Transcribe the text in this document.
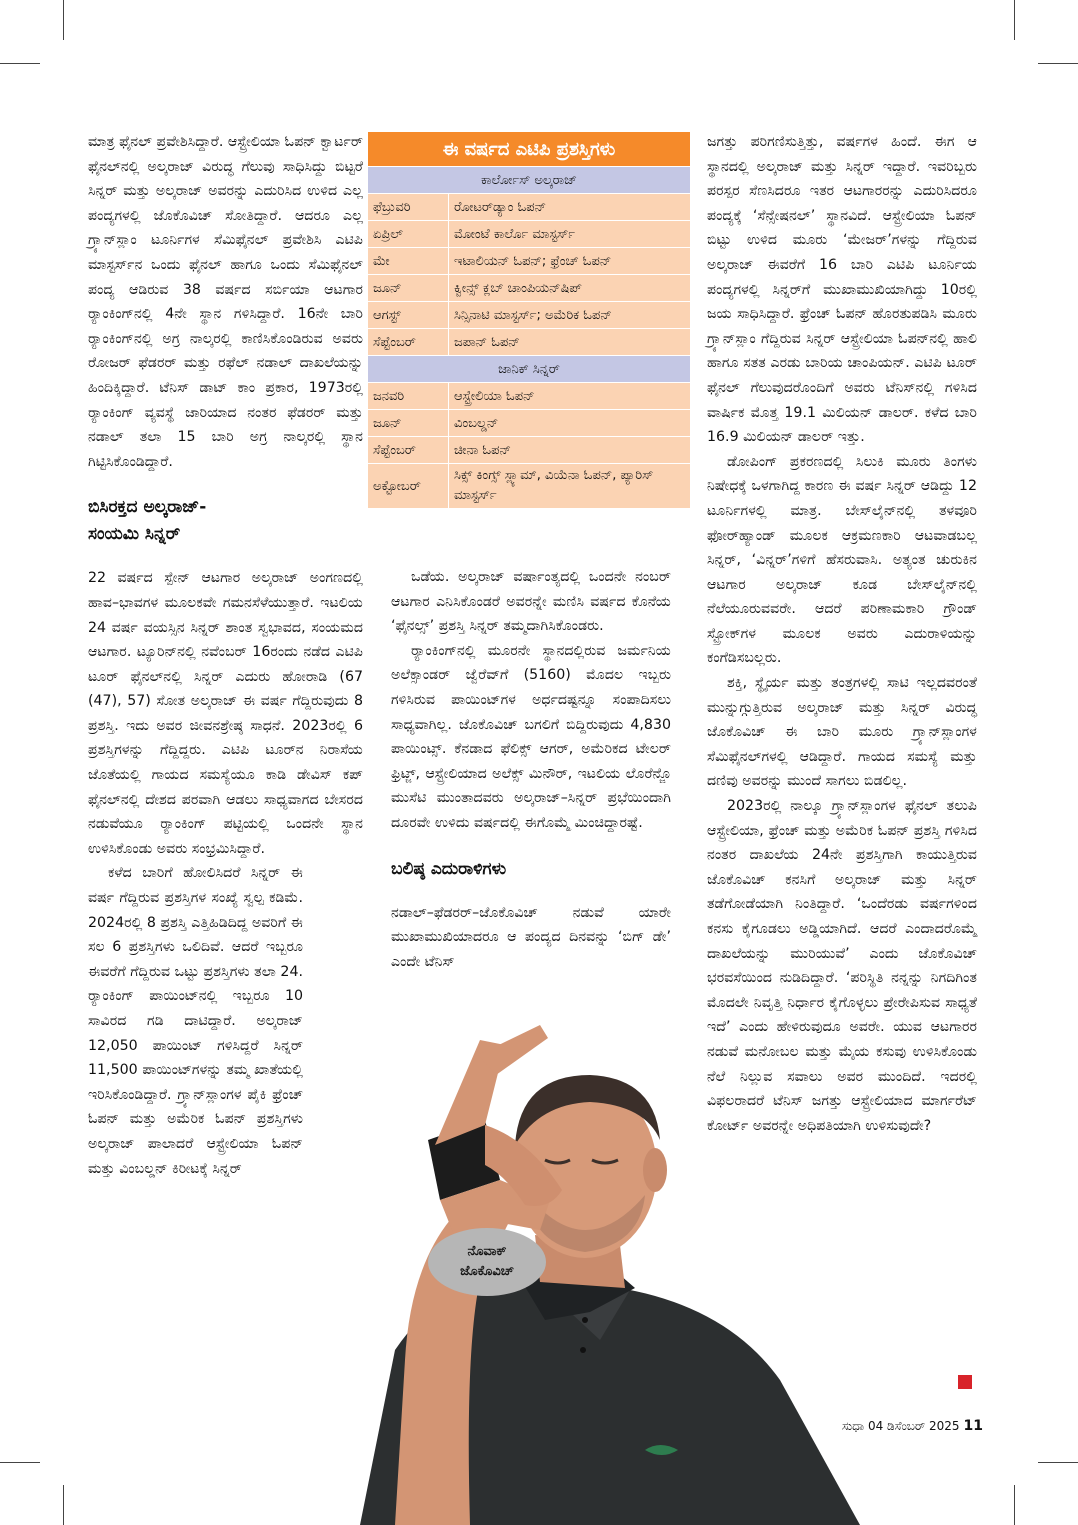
ಮಾತ್ರ ಫೈನಲ್ ಪ್ರವೇಶಿಸಿದ್ದಾರೆ. ಆಸ್ಟ್ರೇಲಿಯಾ ಓಪನ್ ಕ್ವಾರ್ಟರ್ ಫೈನಲ್‌ನಲ್ಲಿ ಅಲ್ಕರಾಜ್ ವಿರುದ್ಧ ಗೆಲುವು ಸಾಧಿಸಿದ್ದು ಬಿಟ್ಟರೆ ಸಿನ್ನರ್ ಮತ್ತು ಅಲ್ಕರಾಜ್ ಅವರನ್ನು ಎದುರಿಸಿದ ಉಳಿದ ಎಲ್ಲ ಪಂದ್ಯಗಳಲ್ಲಿ ಜೊಕೊವಿಚ್ ಸೋತಿದ್ದಾರೆ. ಆದರೂ ಎಲ್ಲ ಗ್ರ್ಯಾನ್‌ಸ್ಲಾಂ ಟೂರ್ನಿಗಳ ಸೆಮಿಫೈನಲ್ ಪ್ರವೇಶಿಸಿ ಎಟಿಪಿ ಮಾಸ್ಟರ್ಸ್‌ನ ಒಂದು ಫೈನಲ್ ಹಾಗೂ ಒಂದು ಸೆಮಿಫೈನಲ್ ಪಂದ್ಯ ಆಡಿರುವ 38 ವರ್ಷದ ಸರ್ಬಿಯಾ ಆಟಗಾರ ರ‍್ಯಾಂಕಿಂಗ್‌ನಲ್ಲಿ 4ನೇ ಸ್ಥಾನ ಗಳಿಸಿದ್ದಾರೆ. 16ನೇ ಬಾರಿ ರ‍್ಯಾಂಕಿಂಗ್‌ನಲ್ಲಿ ಅಗ್ರ ನಾಲ್ಕರಲ್ಲಿ ಕಾಣಿಸಿಕೊಂಡಿರುವ ಅವರು ರೋಜರ್ ಫೆಡರರ್ ಮತ್ತು ರಫೆಲ್ ನಡಾಲ್ ದಾಖಲೆಯನ್ನು ಹಿಂದಿಕ್ಕಿದ್ದಾರೆ. ಟೆನಿಸ್ ಡಾಟ್ ಕಾಂ ಪ್ರಕಾರ, 1973ರಲ್ಲಿ ರ‍್ಯಾಂಕಿಂಗ್ ವ್ಯವಸ್ಥೆ ಜಾರಿಯಾದ ನಂತರ ಫೆಡರರ್ ಮತ್ತು ನಡಾಲ್ ತಲಾ 15 ಬಾರಿ ಅಗ್ರ ನಾಲ್ಕರಲ್ಲಿ ಸ್ಥಾನ ಗಿಟ್ಟಿಸಿಕೊಂಡಿದ್ದಾರೆ.

ಬಿಸಿರಕ್ತದ ಅಲ್ಕರಾಜ್-
ಸಂಯಮಿ ಸಿನ್ನರ್

22 ವರ್ಷದ ಸ್ಪೇನ್ ಆಟಗಾರ ಅಲ್ಕರಾಜ್ ಅಂಗಣದಲ್ಲಿ ಹಾವ–ಭಾವಗಳ ಮೂಲಕವೇ ಗಮನಸೆಳೆಯುತ್ತಾರೆ. ಇಟಲಿಯ 24 ವರ್ಷ ವಯಸ್ಸಿನ ಸಿನ್ನರ್ ಶಾಂತ ಸ್ವಭಾವದ, ಸಂಯಮದ ಆಟಗಾರ. ಟ್ಯೂರಿನ್‌ನಲ್ಲಿ ನವೆಂಬರ್ 16ರಂದು ನಡೆದ ಎಟಿಪಿ ಟೂರ್ ಫೈನಲ್‌ನಲ್ಲಿ ಸಿನ್ನರ್ ಎದುರು ಹೋರಾಡಿ (67 (47), 57) ಸೋತ ಅಲ್ಕರಾಜ್ ಈ ವರ್ಷ ಗೆದ್ದಿರುವುದು 8 ಪ್ರಶಸ್ತಿ. ಇದು ಅವರ ಜೀವನಶ್ರೇಷ್ಠ ಸಾಧನೆ. 2023ರಲ್ಲಿ 6 ಪ್ರಶಸ್ತಿಗಳನ್ನು ಗೆದ್ದಿದ್ದರು. ಎಟಿಪಿ ಟೂರ್‌ನ ನಿರಾಸೆಯ ಜೊತೆಯಲ್ಲಿ ಗಾಯದ ಸಮಸ್ಯೆಯೂ ಕಾಡಿ ಡೇವಿಸ್ ಕಪ್ ಫೈನಲ್‌ನಲ್ಲಿ ದೇಶದ ಪರವಾಗಿ ಆಡಲು ಸಾಧ್ಯವಾಗದ ಬೇಸರದ ನಡುವೆಯೂ ರ‍್ಯಾಂಕಿಂಗ್ ಪಟ್ಟಿಯಲ್ಲಿ ಒಂದನೇ ಸ್ಥಾನ ಉಳಿಸಿಕೊಂಡು ಅವರು ಸಂಭ್ರಮಿಸಿದ್ದಾರೆ.

ಕಳೆದ ಬಾರಿಗೆ ಹೋಲಿಸಿದರೆ ಸಿನ್ನರ್ ಈ ವರ್ಷ ಗೆದ್ದಿರುವ ಪ್ರಶಸ್ತಿಗಳ ಸಂಖ್ಯೆ ಸ್ವಲ್ಪ ಕಡಿಮೆ. 2024ರಲ್ಲಿ 8 ಪ್ರಶಸ್ತಿ ಎತ್ತಿಹಿಡಿದಿದ್ದ ಅವರಿಗೆ ಈ ಸಲ 6 ಪ್ರಶಸ್ತಿಗಳು ಒಲಿದಿವೆ. ಆದರೆ ಇಬ್ಬರೂ ಈವರೆಗೆ ಗೆದ್ದಿರುವ ಒಟ್ಟು ಪ್ರಶಸ್ತಿಗಳು ತಲಾ 24. ರ‍್ಯಾಂಕಿಂಗ್ ಪಾಯಿಂಟ್‌ನಲ್ಲಿ ಇಬ್ಬರೂ 10 ಸಾವಿರದ ಗಡಿ ದಾಟಿದ್ದಾರೆ. ಅಲ್ಕರಾಜ್ 12,050 ಪಾಯಿಂಟ್ ಗಳಿಸಿದ್ದರೆ ಸಿನ್ನರ್ 11,500 ಪಾಯಿಂಟ್‌ಗಳನ್ನು ತಮ್ಮ ಖಾತೆಯಲ್ಲಿ ಇರಿಸಿಕೊಂಡಿದ್ದಾರೆ. ಗ್ರ್ಯಾನ್‌ಸ್ಲಾಂಗಳ ಪೈಕಿ ಫ್ರೆಂಚ್ ಓಪನ್ ಮತ್ತು ಅಮೆರಿಕ ಓಪನ್ ಪ್ರಶಸ್ತಿಗಳು ಅಲ್ಕರಾಜ್ ಪಾಲಾದರೆ ಆಸ್ಟ್ರೇಲಿಯಾ ಓಪನ್ ಮತ್ತು ವಿಂಬಲ್ಡನ್ ಕಿರೀಟಕ್ಕೆ ಸಿನ್ನರ್

ಈ ವರ್ಷದ ಎಟಿಪಿ ಪ್ರಶಸ್ತಿಗಳು	
ಕಾರ್ಲೋಸ್ ಅಲ್ಕರಾಜ್	
ಫೆಬ್ರುವರಿ	ರೋಟರ್‌ಡ್ಯಾಂ ಓಪನ್
ಏಪ್ರಿಲ್	ಮೋಂಟೆ ಕಾರ್ಲೊ ಮಾಸ್ಟರ್ಸ್
ಮೇ	ಇಟಾಲಿಯನ್ ಓಪನ್; ಫ್ರೆಂಚ್ ಓಪನ್
ಜೂನ್	ಕ್ವೀನ್ಸ್ ಕ್ಲಬ್ ಚಾಂಪಿಯನ್‌ಷಿಪ್
ಆಗಸ್ಟ್	ಸಿನ್ಸಿನಾಟಿ ಮಾಸ್ಟರ್ಸ್; ಅಮೆರಿಕ ಓಪನ್
ಸೆಪ್ಟೆಂಬರ್	ಜಪಾನ್ ಓಪನ್
ಜಾನಿಕ್ ಸಿನ್ನರ್	
ಜನವರಿ	ಆಸ್ಟ್ರೇಲಿಯಾ ಓಪನ್
ಜೂನ್	ವಿಂಬಲ್ಡನ್
ಸೆಪ್ಟೆಂಬರ್	ಚೀನಾ ಓಪನ್
ಅಕ್ಟೋಬರ್	ಸಿಕ್ಸ್ ಕಿಂಗ್ಸ್ ಸ್ಲ್ಯಾಮ್, ವಿಯೆನಾ ಓಪನ್, ಪ್ಯಾರಿಸ್ ಮಾಸ್ಟರ್ಸ್

ಒಡೆಯ. ಅಲ್ಕರಾಜ್ ವರ್ಷಾಂತ್ಯದಲ್ಲಿ ಒಂದನೇ ನಂಬರ್ ಆಟಗಾರ ಎನಿಸಿಕೊಂಡರೆ ಅವರನ್ನೇ ಮಣಿಸಿ ವರ್ಷದ ಕೊನೆಯ ‘ಫೈನಲ್ಸ್’ ಪ್ರಶಸ್ತಿ ಸಿನ್ನರ್ ತಮ್ಮದಾಗಿಸಿಕೊಂಡರು.

ರ‍್ಯಾಂಕಿಂಗ್‌ನಲ್ಲಿ ಮೂರನೇ ಸ್ಥಾನದಲ್ಲಿರುವ ಜರ್ಮನಿಯ ಅಲೆಕ್ಸಾಂಡರ್ ಜ್ವೆರೆವ್‌ಗೆ (5160) ಮೊದಲ ಇಬ್ಬರು ಗಳಿಸಿರುವ ಪಾಯಿಂಟ್‌ಗಳ ಅರ್ಧದಷ್ಟನ್ನೂ ಸಂಪಾದಿಸಲು ಸಾಧ್ಯವಾಗಿಲ್ಲ. ಜೊಕೊವಿಚ್ ಬಗಲಿಗೆ ಬಿದ್ದಿರುವುದು 4,830 ಪಾಯಿಂಟ್ಸ್. ಕೆನಡಾದ ಫೆಲಿಕ್ಸ್ ಆಗರ್, ಅಮೆರಿಕದ ಟೇಲರ್ ಫ್ರಿಟ್ಜ್, ಆಸ್ಟ್ರೇಲಿಯಾದ ಅಲೆಕ್ಸ್ ಮಿನೌರ್, ಇಟಲಿಯ ಲೊರೆನ್ಜೊ ಮುಸೆಟಿ ಮುಂತಾದವರು ಅಲ್ಕರಾಜ್–ಸಿನ್ನರ್ ಪ್ರಭೆಯಿಂದಾಗಿ ದೂರವೇ ಉಳಿದು ವರ್ಷದಲ್ಲಿ ಈಗೊಮ್ಮೆ ಮಿಂಚಿದ್ದಾರಷ್ಟೆ.

ಬಲಿಷ್ಠ ಎದುರಾಳಿಗಳು

ನಡಾಲ್–ಫೆಡರರ್–ಜೊಕೊವಿಚ್ ನಡುವೆ ಯಾರೇ ಮುಖಾಮುಖಿಯಾದರೂ ಆ ಪಂದ್ಯದ ದಿನವನ್ನು ‘ಬಿಗ್ ಡೇ’ ಎಂದೇ ಟೆನಿಸ್

ಜಗತ್ತು ಪರಿಗಣಿಸುತ್ತಿತ್ತು, ವರ್ಷಗಳ ಹಿಂದೆ. ಈಗ ಆ ಸ್ಥಾನದಲ್ಲಿ ಅಲ್ಕರಾಜ್ ಮತ್ತು ಸಿನ್ನರ್ ಇದ್ದಾರೆ. ಇವರಿಬ್ಬರು ಪರಸ್ಪರ ಸೆಣಸಿದರೂ ಇತರ ಆಟಗಾರರನ್ನು ಎದುರಿಸಿದರೂ ಪಂದ್ಯಕ್ಕೆ ‘ಸೆನ್ಸೇಷನಲ್’ ಸ್ಥಾನವಿದೆ. ಆಸ್ಟ್ರೇಲಿಯಾ ಓಪನ್ ಬಿಟ್ಟು ಉಳಿದ ಮೂರು ‘ಮೇಜರ್’ಗಳನ್ನು ಗೆದ್ದಿರುವ ಅಲ್ಕರಾಜ್ ಈವರೆಗೆ 16 ಬಾರಿ ಎಟಿಪಿ ಟೂರ್ನಿಯ ಪಂದ್ಯಗಳಲ್ಲಿ ಸಿನ್ನರ್‌ಗೆ ಮುಖಾಮುಖಿಯಾಗಿದ್ದು 10ರಲ್ಲಿ ಜಯ ಸಾಧಿಸಿದ್ದಾರೆ. ಫ್ರೆಂಚ್ ಓಪನ್ ಹೊರತುಪಡಿಸಿ ಮೂರು ಗ್ರ್ಯಾನ್‌ಸ್ಲಾಂ ಗೆದ್ದಿರುವ ಸಿನ್ನರ್ ಆಸ್ಟ್ರೇಲಿಯಾ ಓಪನ್‌ನಲ್ಲಿ ಹಾಲಿ ಹಾಗೂ ಸತತ ಎರಡು ಬಾರಿಯ ಚಾಂಪಿಯನ್. ಎಟಿಪಿ ಟೂರ್ ಫೈನಲ್ ಗೆಲುವುದರೊಂದಿಗೆ ಅವರು ಟೆನಿಸ್‌ನಲ್ಲಿ ಗಳಿಸಿದ ವಾರ್ಷಿಕ ಮೊತ್ತ 19.1 ಮಿಲಿಯನ್ ಡಾಲರ್. ಕಳೆದ ಬಾರಿ 16.9 ಮಿಲಿಯನ್ ಡಾಲರ್ ಇತ್ತು.

ಡೋಪಿಂಗ್ ಪ್ರಕರಣದಲ್ಲಿ ಸಿಲುಕಿ ಮೂರು ತಿಂಗಳು ನಿಷೇಧಕ್ಕೆ ಒಳಗಾಗಿದ್ದ ಕಾರಣ ಈ ವರ್ಷ ಸಿನ್ನರ್ ಆಡಿದ್ದು 12 ಟೂರ್ನಿಗಳಲ್ಲಿ ಮಾತ್ರ. ಬೇಸ್‌ಲೈನ್‌ನಲ್ಲಿ ತಳವೂರಿ ಫೋರ್‌ಹ್ಯಾಂಡ್ ಮೂಲಕ ಆಕ್ರಮಣಕಾರಿ ಆಟವಾಡಬಲ್ಲ ಸಿನ್ನರ್, ‘ವಿನ್ನರ್’ಗಳಿಗೆ ಹೆಸರುವಾಸಿ. ಅತ್ಯಂತ ಚುರುಕಿನ ಆಟಗಾರ ಅಲ್ಕರಾಜ್ ಕೂಡ ಬೇಸ್‌ಲೈನ್‌ನಲ್ಲಿ ನೆಲೆಯೂರುವವರೇ. ಆದರೆ ಪರಿಣಾಮಕಾರಿ ಗ್ರೌಂಡ್ ಸ್ಟ್ರೋಕ್‌ಗಳ ಮೂಲಕ ಅವರು ಎದುರಾಳಿಯನ್ನು ಕಂಗೆಡಿಸಬಲ್ಲರು.

ಶಕ್ತಿ, ಸ್ಥೈರ್ಯ ಮತ್ತು ತಂತ್ರಗಳಲ್ಲಿ ಸಾಟಿ ಇಲ್ಲದವರಂತೆ ಮುನ್ನುಗ್ಗುತ್ತಿರುವ ಅಲ್ಕರಾಜ್ ಮತ್ತು ಸಿನ್ನರ್ ವಿರುದ್ಧ ಜೊಕೊವಿಚ್ ಈ ಬಾರಿ ಮೂರು ಗ್ರ್ಯಾನ್‌ಸ್ಲಾಂಗಳ ಸೆಮಿಫೈನಲ್‌ಗಳಲ್ಲಿ ಆಡಿದ್ದಾರೆ. ಗಾಯದ ಸಮಸ್ಯೆ ಮತ್ತು ದಣಿವು ಅವರನ್ನು ಮುಂದೆ ಸಾಗಲು ಬಿಡಲಿಲ್ಲ.

2023ರಲ್ಲಿ ನಾಲ್ಕೂ ಗ್ರ್ಯಾನ್‌ಸ್ಲಾಂಗಳ ಫೈನಲ್ ತಲುಪಿ ಆಸ್ಟ್ರೇಲಿಯಾ, ಫ್ರೆಂಚ್ ಮತ್ತು ಅಮೆರಿಕ ಓಪನ್ ಪ್ರಶಸ್ತಿ ಗಳಿಸಿದ ನಂತರ ದಾಖಲೆಯ 24ನೇ ಪ್ರಶಸ್ತಿಗಾಗಿ ಕಾಯುತ್ತಿರುವ ಜೊಕೊವಿಚ್ ಕನಸಿಗೆ ಅಲ್ಕರಾಜ್ ಮತ್ತು ಸಿನ್ನರ್ ತಡೆಗೋಡೆಯಾಗಿ ನಿಂತಿದ್ದಾರೆ. ‘ಒಂದೆರಡು ವರ್ಷಗಳಿಂದ ಕನಸು ಕೈಗೂಡಲು ಅಡ್ಡಿಯಾಗಿದೆ. ಆದರೆ ಎಂದಾದರೊಮ್ಮೆ ದಾಖಲೆಯನ್ನು ಮುರಿಯುವೆ’ ಎಂದು ಜೊಕೊವಿಚ್ ಭರವಸೆಯಿಂದ ನುಡಿದಿದ್ದಾರೆ. ‘ಪರಿಸ್ಥಿತಿ ನನ್ನನ್ನು ನಿಗದಿಗಿಂತ ಮೊದಲೇ ನಿವೃತ್ತಿ ನಿರ್ಧಾರ ಕೈಗೊಳ್ಳಲು ಪ್ರೇರೇಪಿಸುವ ಸಾಧ್ಯತೆ ಇದೆ’ ಎಂದು ಹೇಳಿರುವುದೂ ಅವರೇ. ಯುವ ಆಟಗಾರರ ನಡುವೆ ಮನೋಬಲ ಮತ್ತು ಮೈಯ ಕಸುವು ಉಳಿಸಿಕೊಂಡು ನೆಲೆ ನಿಲ್ಲುವ ಸವಾಲು ಅವರ ಮುಂದಿದೆ. ಇದರಲ್ಲಿ ವಿಫಲರಾದರೆ ಟೆನಿಸ್ ಜಗತ್ತು ಆಸ್ಟ್ರೇಲಿಯಾದ ಮಾರ್ಗರೆಟ್ ಕೋರ್ಟ್ ಅವರನ್ನೇ ಅಧಿಪತಿಯಾಗಿ ಉಳಿಸುವುದೇ?

ನೊವಾಕ್
ಜೊಕೊವಿಚ್
ಸುಧಾ 04 ಡಿಸೆಂಬರ್ 2025 11
